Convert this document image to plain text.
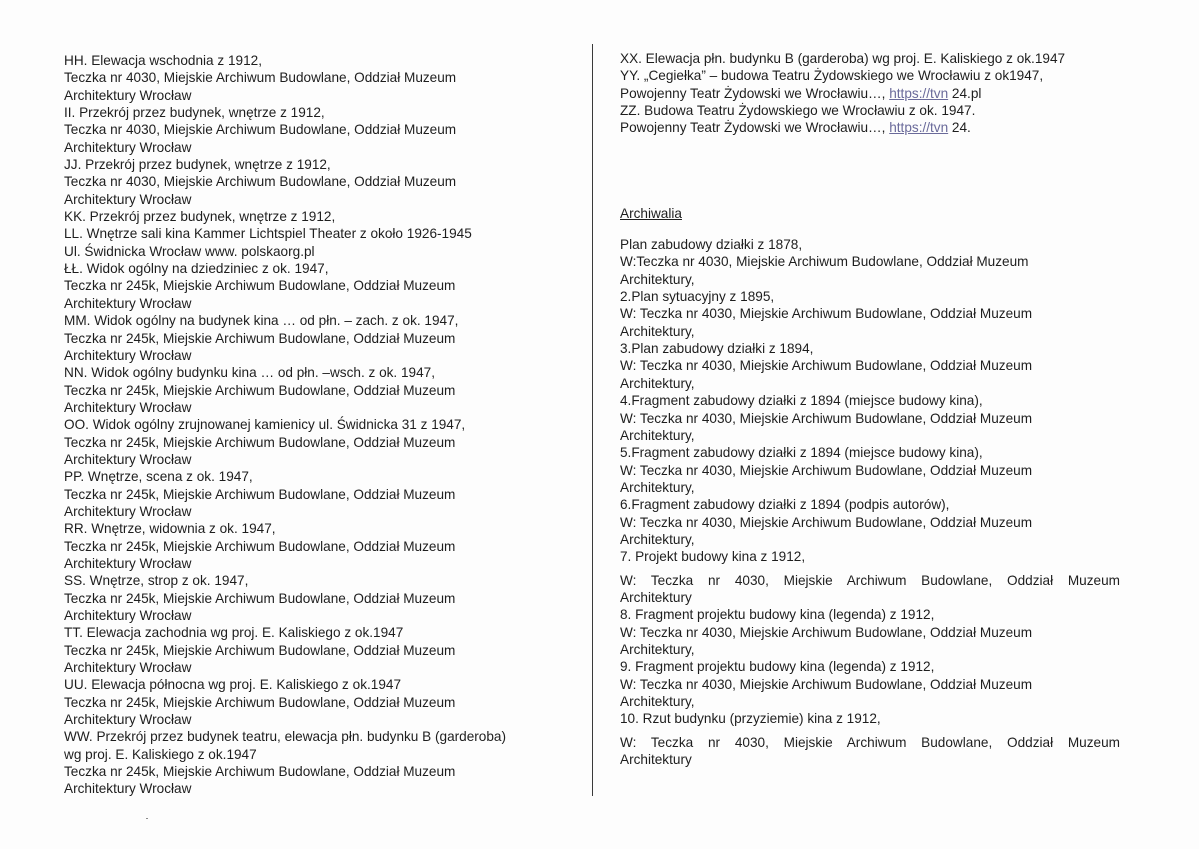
HH. Elewacja wschodnia z 1912,
Teczka nr 4030, Miejskie Archiwum Budowlane, Oddział Muzeum
Architektury Wrocław
II. Przekrój przez budynek, wnętrze z 1912,
Teczka nr 4030, Miejskie Archiwum Budowlane, Oddział Muzeum
Architektury Wrocław
JJ. Przekrój przez budynek, wnętrze z 1912,
Teczka nr 4030, Miejskie Archiwum Budowlane, Oddział Muzeum
Architektury Wrocław
KK. Przekrój przez budynek, wnętrze z 1912,
LL. Wnętrze sali kina Kammer Lichtspiel Theater z około 1926-1945
Ul. Świdnicka Wrocław www. polskaorg.pl
ŁŁ. Widok ogólny na dziedziniec z ok. 1947,
Teczka nr 245k, Miejskie Archiwum Budowlane, Oddział Muzeum
Architektury Wrocław
MM. Widok ogólny na budynek kina … od płn. – zach. z ok. 1947,
Teczka nr 245k, Miejskie Archiwum Budowlane, Oddział Muzeum
Architektury Wrocław
NN. Widok ogólny budynku kina … od płn. –wsch. z ok. 1947,
Teczka nr 245k, Miejskie Archiwum Budowlane, Oddział Muzeum
Architektury Wrocław
OO. Widok ogólny zrujnowanej kamienicy ul. Świdnicka 31 z 1947,
Teczka nr 245k, Miejskie Archiwum Budowlane, Oddział Muzeum
Architektury Wrocław
PP. Wnętrze, scena z ok. 1947,
Teczka nr 245k, Miejskie Archiwum Budowlane, Oddział Muzeum
Architektury Wrocław
RR. Wnętrze, widownia z ok. 1947,
Teczka nr 245k, Miejskie Archiwum Budowlane, Oddział Muzeum
Architektury Wrocław
SS. Wnętrze, strop z ok. 1947,
Teczka nr 245k, Miejskie Archiwum Budowlane, Oddział Muzeum
Architektury Wrocław
TT. Elewacja zachodnia wg proj. E. Kaliskiego z ok.1947
Teczka nr 245k, Miejskie Archiwum Budowlane, Oddział Muzeum
Architektury Wrocław
UU. Elewacja północna wg proj. E. Kaliskiego z ok.1947
Teczka nr 245k, Miejskie Archiwum Budowlane, Oddział Muzeum
Architektury Wrocław
WW. Przekrój przez budynek teatru, elewacja płn. budynku B (garderoba)
wg proj. E. Kaliskiego z ok.1947
Teczka nr 245k, Miejskie Archiwum Budowlane, Oddział Muzeum
Architektury Wrocław
XX. Elewacja płn. budynku B (garderoba) wg proj. E. Kaliskiego z ok.1947
YY. „Cegiełka” – budowa Teatru Żydowskiego we Wrocławiu z ok1947,
Powojenny Teatr Żydowski we Wrocławiu…, https://tvn 24.pl
ZZ. Budowa Teatru Żydowskiego we Wrocławiu z ok. 1947.
Powojenny Teatr Żydowski we Wrocławiu…, https://tvn 24.
Archiwalia
Plan zabudowy działki z 1878,
W:Teczka nr 4030, Miejskie Archiwum Budowlane, Oddział Muzeum
Architektury,
2.Plan sytuacyjny z 1895,
W: Teczka nr 4030, Miejskie Archiwum Budowlane, Oddział Muzeum
Architektury,
3.Plan zabudowy działki z 1894,
W: Teczka nr 4030, Miejskie Archiwum Budowlane, Oddział Muzeum
Architektury,
4.Fragment zabudowy działki z 1894 (miejsce budowy kina),
W: Teczka nr 4030, Miejskie Archiwum Budowlane, Oddział Muzeum
Architektury,
5.Fragment zabudowy działki z 1894 (miejsce budowy kina),
W: Teczka nr 4030, Miejskie Archiwum Budowlane, Oddział Muzeum
Architektury,
6.Fragment zabudowy działki z 1894 (podpis autorów),
W: Teczka nr 4030, Miejskie Archiwum Budowlane, Oddział Muzeum
Architektury,
7. Projekt budowy kina z 1912,
W: Teczka nr 4030, Miejskie Archiwum Budowlane, Oddział Muzeum
Architektury
8. Fragment projektu budowy kina (legenda) z 1912,
W: Teczka nr 4030, Miejskie Archiwum Budowlane, Oddział Muzeum
Architektury,
9. Fragment projektu budowy kina (legenda) z 1912,
W: Teczka nr 4030, Miejskie Archiwum Budowlane, Oddział Muzeum
Architektury,
10. Rzut budynku (przyziemie) kina z 1912,
W: Teczka nr 4030, Miejskie Archiwum Budowlane, Oddział Muzeum
Architektury
